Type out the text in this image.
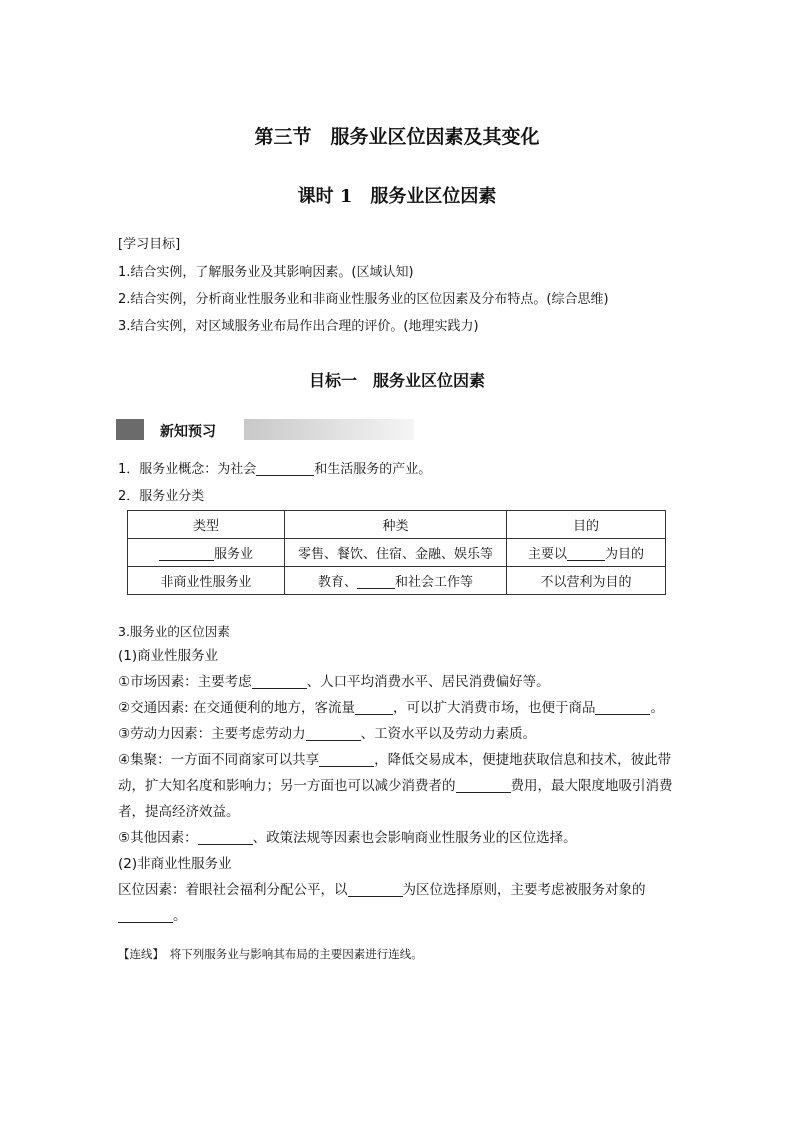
第三节　服务业区位因素及其变化
课时 1　服务业区位因素
[学习目标]
1.结合实例，了解服务业及其影响因素。(区域认知)
2.结合实例，分析商业性服务业和非商业性服务业的区位因素及分布特点。(综合思维)
3.结合实例，对区域服务业布局作出合理的评价。(地理实践力)
目标一　服务业区位因素
新知预习
1．服务业概念：为社会	和生活服务的产业。
2．服务业分类
类型	种类	目的
服务业	零售、餐饮、住宿、金融、娱乐等	主要以 为目的
非商业性服务业	教育、 和社会工作等	不以营利为目的
3.服务业的区位因素

(1)商业性服务业

①市场因素：主要考虑	、人口平均消费水平、居民消费偏好等。

②交通因素: 在交通便利的地方，客流量	，可以扩大消费市场，也便于商品	。

③劳动力因素：主要考虑劳动力	、工资水平以及劳动力素质。

④集聚：一方面不同商家可以共享	，降低交易成本，便捷地获取信息和技术，彼此带动，扩大知名度和影响力；另一方面也可以减少消费者的	费用，最大限度地吸引消费者，提高经济效益。

⑤其他因素：	、政策法规等因素也会影响商业性服务业的区位选择。

(2)非商业性服务业

区位因素：着眼社会福利分配公平，以	为区位选择原则，主要考虑被服务对象的。

【连线】　将下列服务业与影响其布局的主要因素进行连线。
